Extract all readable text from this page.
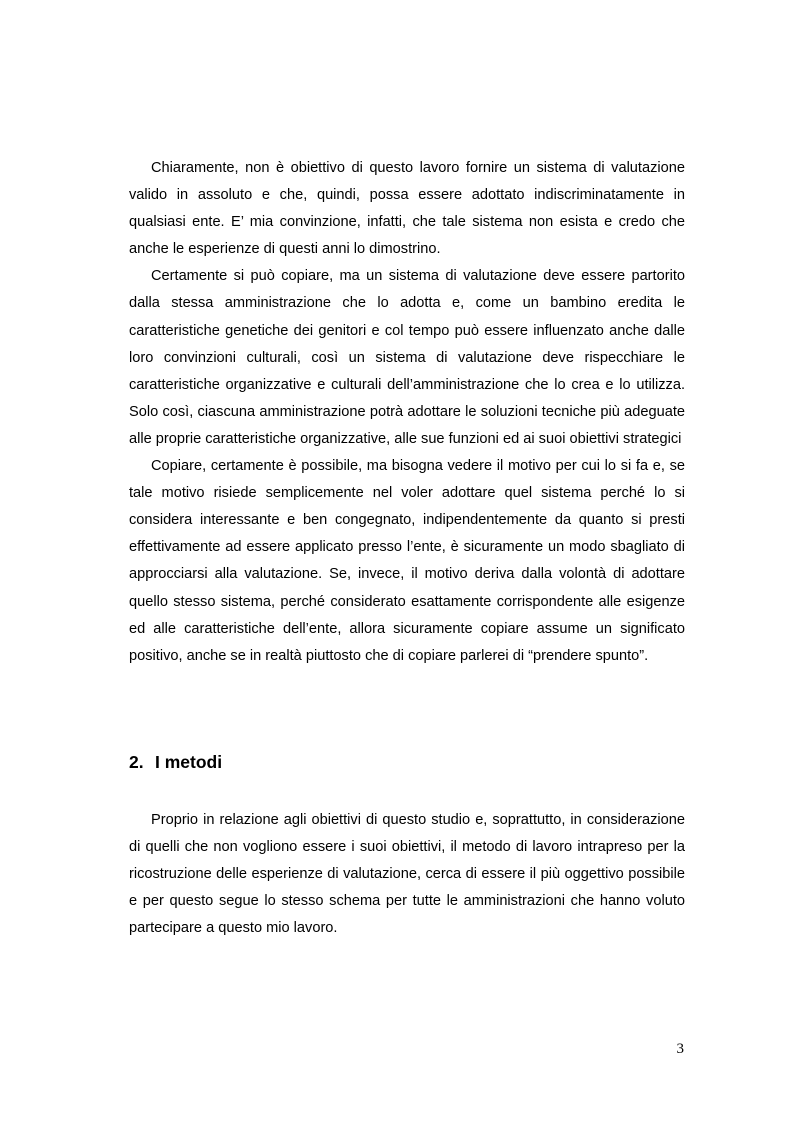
Chiaramente, non è obiettivo di questo lavoro fornire un sistema di valutazione valido in assoluto e che, quindi, possa essere adottato indiscriminatamente in qualsiasi ente. E’ mia convinzione, infatti, che tale sistema non esista e credo che anche le esperienze di questi anni lo dimostrino.

Certamente si può copiare, ma un sistema di valutazione deve essere partorito dalla stessa amministrazione che lo adotta e, come un bambino eredita le caratteristiche genetiche dei genitori e col tempo può essere influenzato anche dalle loro convinzioni culturali, così un sistema di valutazione deve rispecchiare le caratteristiche organizzative e culturali dell’amministrazione che lo crea e lo utilizza. Solo così, ciascuna amministrazione potrà adottare le soluzioni tecniche più adeguate alle proprie caratteristiche organizzative, alle sue funzioni ed ai suoi obiettivi strategici

Copiare, certamente è possibile, ma bisogna vedere il motivo per cui lo si fa e, se tale motivo risiede semplicemente nel voler adottare quel sistema perché lo si considera interessante e ben congegnato, indipendentemente da quanto si presti effettivamente ad essere applicato presso l’ente, è sicuramente un modo sbagliato di approcciarsi alla valutazione. Se, invece, il motivo deriva dalla volontà di adottare quello stesso sistema, perché considerato esattamente corrispondente alle esigenze ed alle caratteristiche dell’ente, allora sicuramente copiare assume un significato positivo, anche se in realtà piuttosto che di copiare parlerei di “prendere spunto”.

2. I metodi

Proprio in relazione agli obiettivi di questo studio e, soprattutto, in considerazione di quelli che non vogliono essere i suoi obiettivi, il metodo di lavoro intrapreso per la ricostruzione delle esperienze di valutazione, cerca di essere il più oggettivo possibile e per questo segue lo stesso schema per tutte le amministrazioni che hanno voluto partecipare a questo mio lavoro.

3
